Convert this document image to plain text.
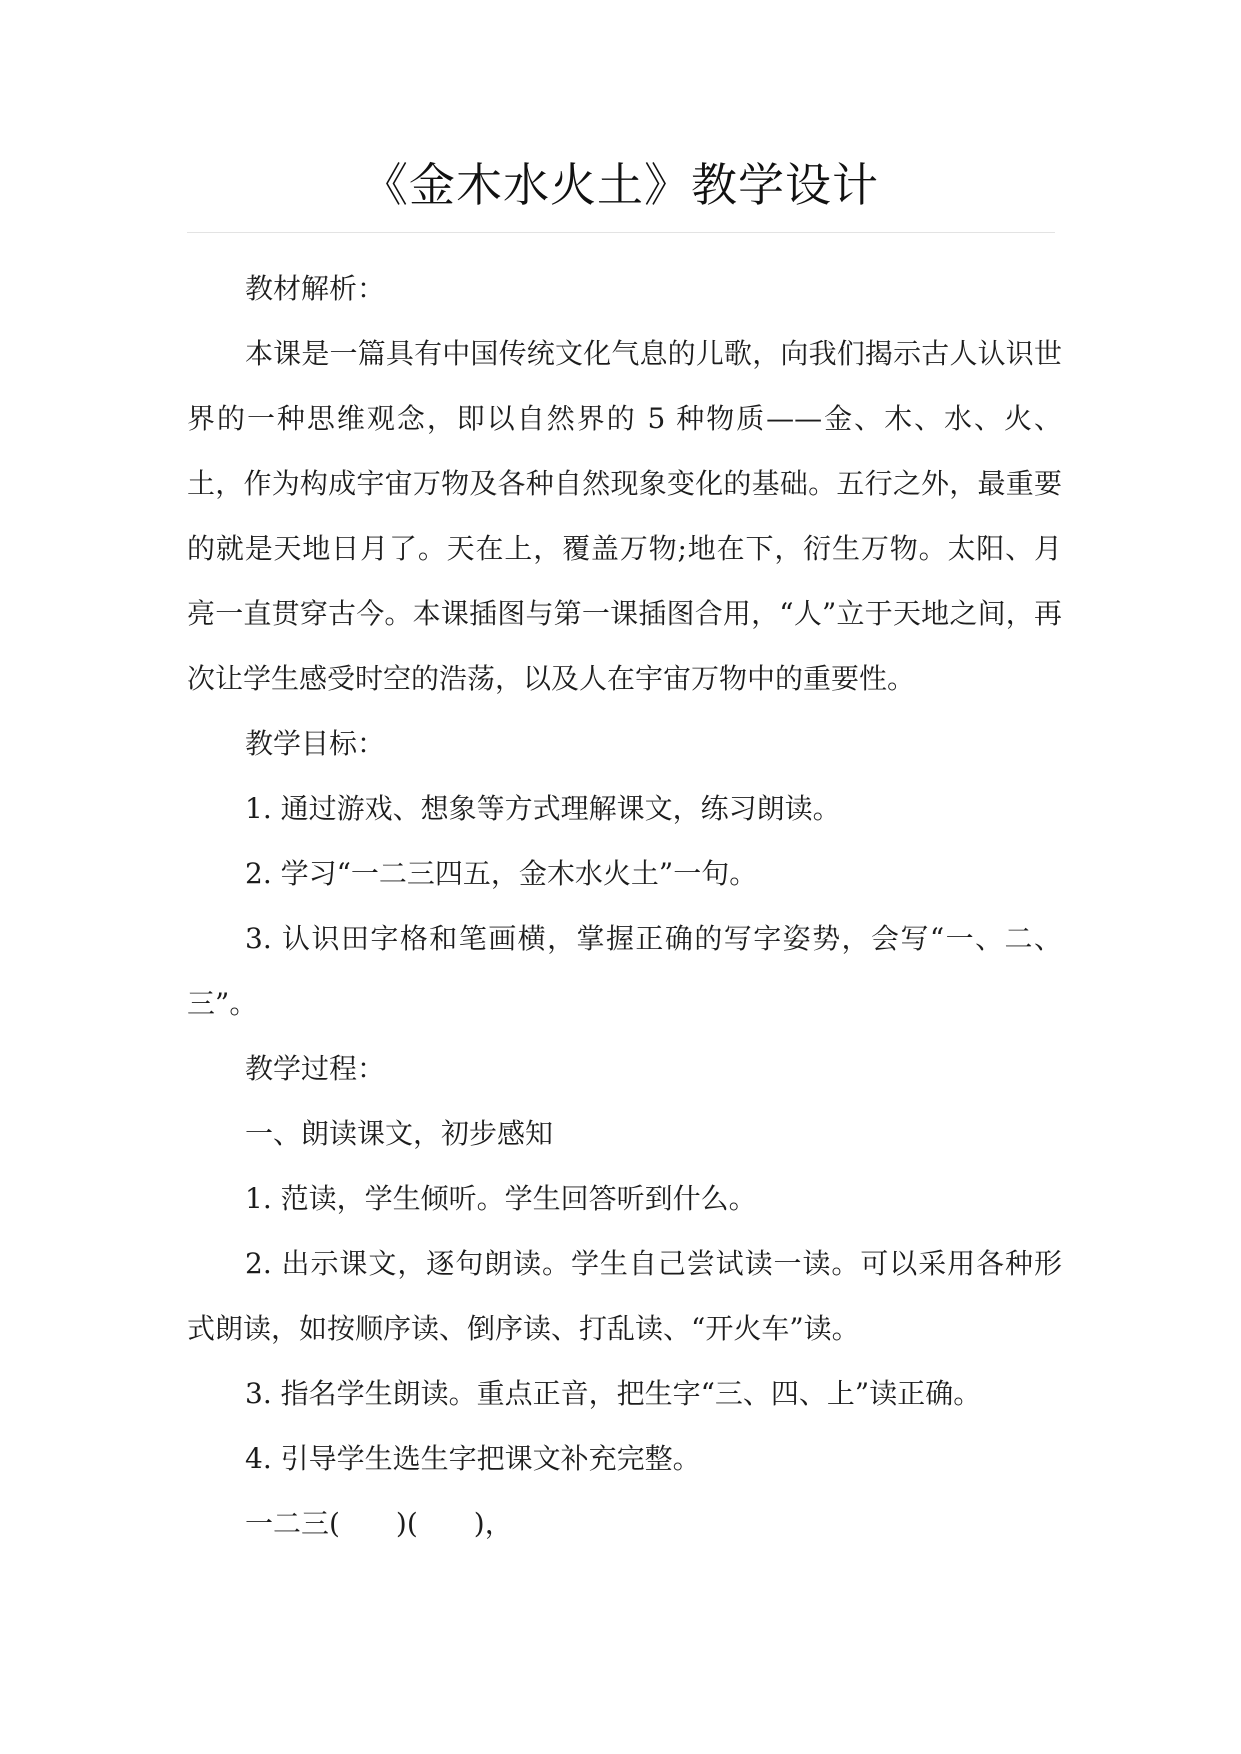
《金木水火土》教学设计

教材解析：

本课是一篇具有中国传统文化气息的儿歌，向我们揭示古人认识世界的一种思维观念，即以自然界的 5 种物质——金、木、水、火、土，作为构成宇宙万物及各种自然现象变化的基础。五行之外，最重要的就是天地日月了。天在上，覆盖万物;地在下，衍生万物。太阳、月亮一直贯穿古今。本课插图与第一课插图合用，“人”立于天地之间，再次让学生感受时空的浩荡，以及人在宇宙万物中的重要性。

教学目标：

1. 通过游戏、想象等方式理解课文，练习朗读。

2. 学习“一二三四五，金木水火土”一句。

3. 认识田字格和笔画横，掌握正确的写字姿势，会写“一、二、三”。

教学过程：

一、朗读课文，初步感知

1. 范读，学生倾听。学生回答听到什么。

2. 出示课文，逐句朗读。学生自己尝试读一读。可以采用各种形式朗读，如按顺序读、倒序读、打乱读、“开火车”读。

3. 指名学生朗读。重点正音，把生字“三、四、上”读正确。

4. 引导学生选生字把课文补充完整。

一二三(　　)(　　)，
